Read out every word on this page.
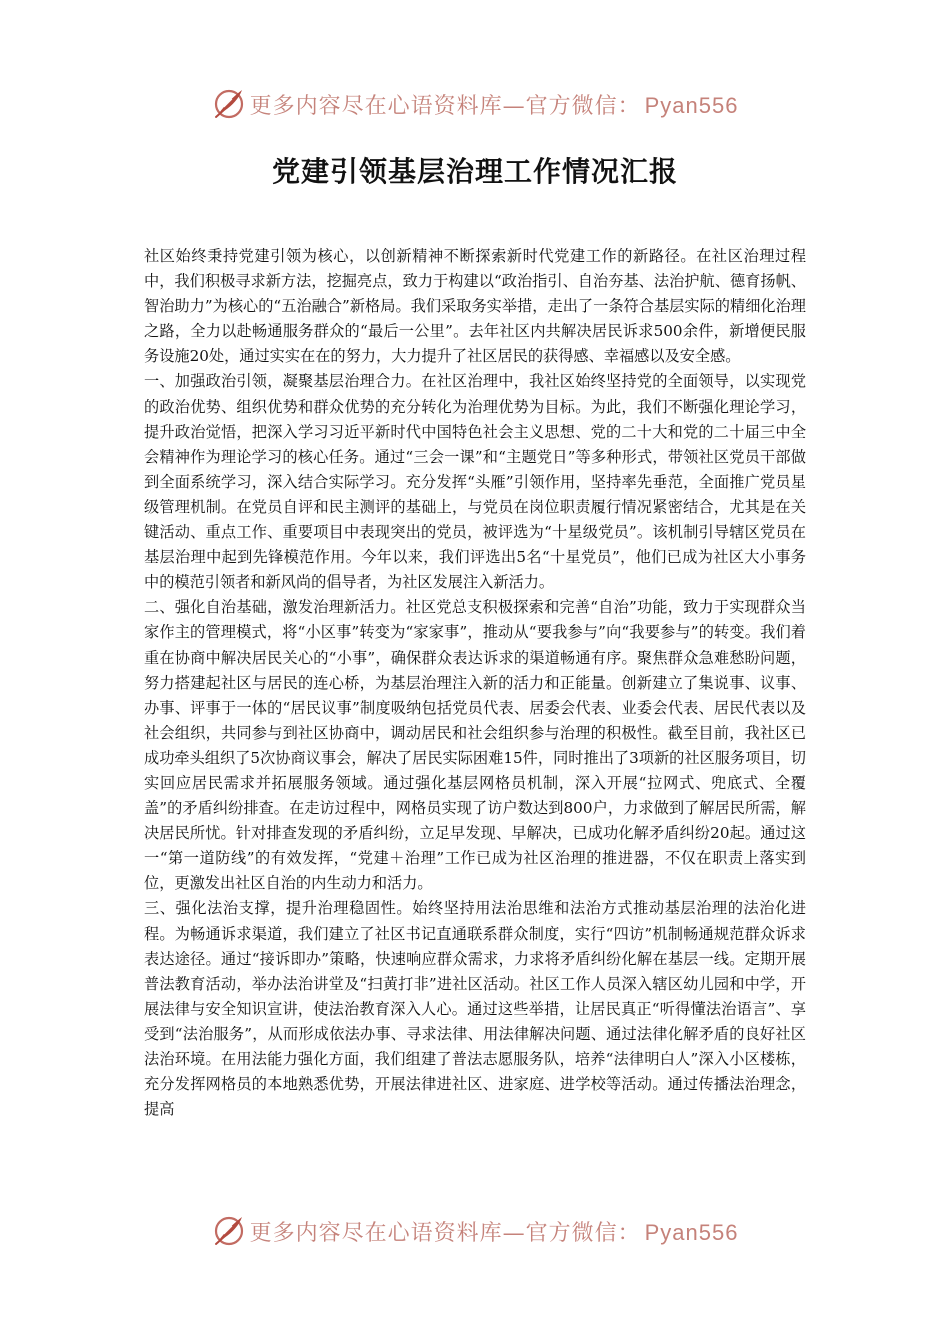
更多内容尽在心语资料库—官方微信： Pyan556
党建引领基层治理工作情况汇报

社区始终秉持党建引领为核心，以创新精神不断探索新时代党建工作的新路径。在社区治理过程中，我们积极寻求新方法，挖掘亮点，致力于构建以“政治指引、自治夯基、法治护航、德育扬帆、智治助力”为核心的“五治融合”新格局。我们采取务实举措，走出了一条符合基层实际的精细化治理之路，全力以赴畅通服务群众的“最后一公里”。去年社区内共解决居民诉求500余件，新增便民服务设施20处，通过实实在在的努力，大力提升了社区居民的获得感、幸福感以及安全感。

一、加强政治引领，凝聚基层治理合力。在社区治理中，我社区始终坚持党的全面领导，以实现党的政治优势、组织优势和群众优势的充分转化为治理优势为目标。为此，我们不断强化理论学习，提升政治觉悟，把深入学习习近平新时代中国特色社会主义思想、党的二十大和党的二十届三中全会精神作为理论学习的核心任务。通过“三会一课”和“主题党日”等多种形式，带领社区党员干部做到全面系统学习，深入结合实际学习。充分发挥“头雁”引领作用，坚持率先垂范，全面推广党员星级管理机制。在党员自评和民主测评的基础上，与党员在岗位职责履行情况紧密结合，尤其是在关键活动、重点工作、重要项目中表现突出的党员，被评选为“十星级党员”。该机制引导辖区党员在基层治理中起到先锋模范作用。今年以来，我们评选出5名“十星党员”，他们已成为社区大小事务中的模范引领者和新风尚的倡导者，为社区发展注入新活力。

二、强化自治基础，激发治理新活力。社区党总支积极探索和完善“自治”功能，致力于实现群众当家作主的管理模式，将“小区事”转变为“家家事”，推动从“要我参与”向“我要参与”的转变。我们着重在协商中解决居民关心的“小事”，确保群众表达诉求的渠道畅通有序。聚焦群众急难愁盼问题，努力搭建起社区与居民的连心桥，为基层治理注入新的活力和正能量。创新建立了集说事、议事、办事、评事于一体的“居民议事”制度吸纳包括党员代表、居委会代表、业委会代表、居民代表以及社会组织，共同参与到社区协商中，调动居民和社会组织参与治理的积极性。截至目前，我社区已成功牵头组织了5次协商议事会，解决了居民实际困难15件，同时推出了3项新的社区服务项目，切实回应居民需求并拓展服务领域。通过强化基层网格员机制，深入开展“拉网式、兜底式、全覆盖”的矛盾纠纷排查。在走访过程中，网格员实现了访户数达到800户，力求做到了解居民所需，解决居民所忧。针对排查发现的矛盾纠纷，立足早发现、早解决，已成功化解矛盾纠纷20起。通过这一“第一道防线”的有效发挥，“党建＋治理”工作已成为社区治理的推进器，不仅在职责上落实到位，更激发出社区自治的内生动力和活力。

三、强化法治支撑，提升治理稳固性。始终坚持用法治思维和法治方式推动基层治理的法治化进程。为畅通诉求渠道，我们建立了社区书记直通联系群众制度，实行“四访”机制畅通规范群众诉求表达途径。通过“接诉即办”策略，快速响应群众需求，力求将矛盾纠纷化解在基层一线。定期开展普法教育活动，举办法治讲堂及“扫黄打非”进社区活动。社区工作人员深入辖区幼儿园和中学，开展法律与安全知识宣讲，使法治教育深入人心。通过这些举措，让居民真正“听得懂法治语言”、享受到“法治服务”，从而形成依法办事、寻求法律、用法律解决问题、通过法律化解矛盾的良好社区法治环境。在用法能力强化方面，我们组建了普法志愿服务队，培养“法律明白人”深入小区楼栋，充分发挥网格员的本地熟悉优势，开展法律进社区、进家庭、进学校等活动。通过传播法治理念，提高

更多内容尽在心语资料库—官方微信： Pyan556
